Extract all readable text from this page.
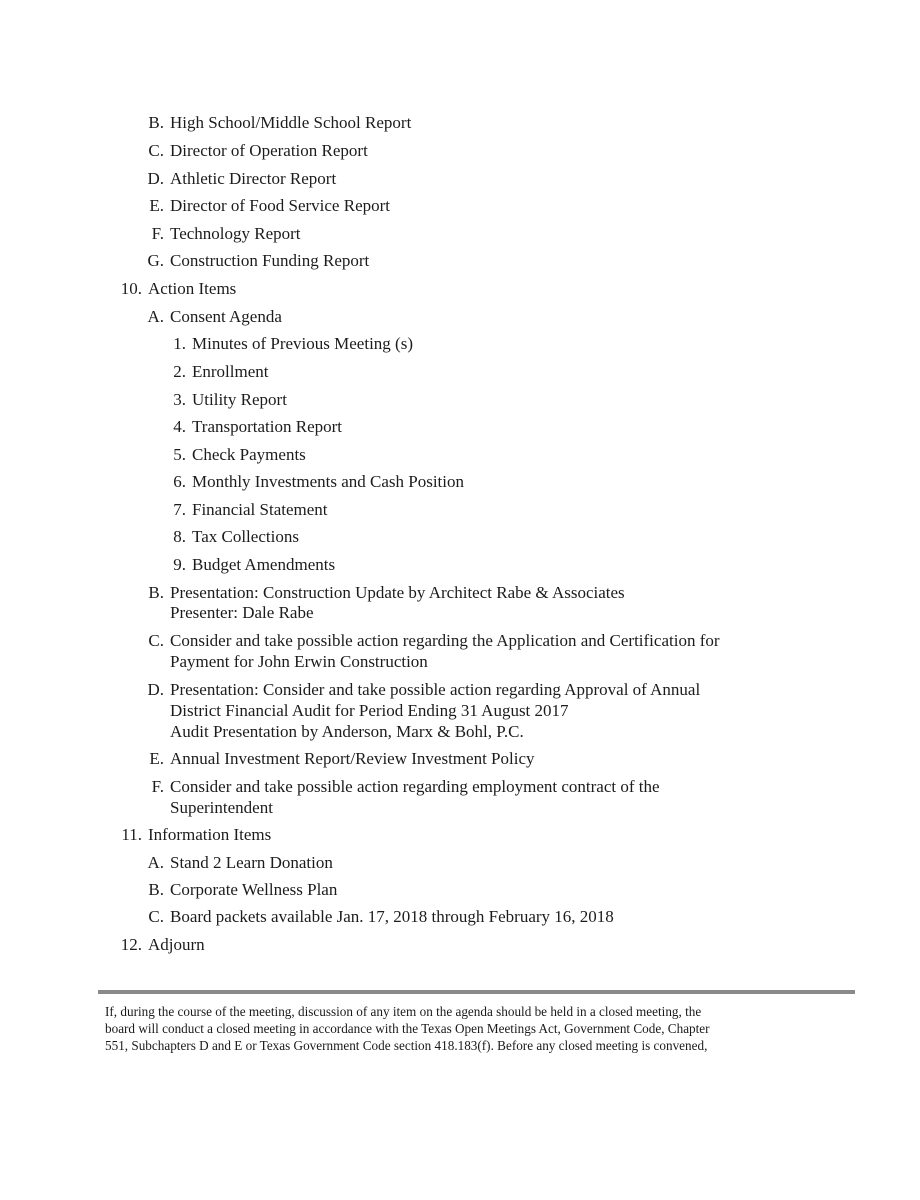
B. High School/Middle School Report
C. Director of Operation Report
D. Athletic Director Report
E. Director of Food Service Report
F. Technology Report
G. Construction Funding Report
10. Action Items
A. Consent Agenda
1. Minutes of Previous Meeting (s)
2. Enrollment
3. Utility Report
4. Transportation Report
5. Check Payments
6. Monthly Investments and Cash Position
7. Financial Statement
8. Tax Collections
9. Budget Amendments
B. Presentation: Construction Update by Architect Rabe & Associates
Presenter: Dale Rabe
C. Consider and take possible action regarding the Application and Certification for
Payment for John Erwin Construction
D. Presentation: Consider and take possible action regarding Approval of Annual
District Financial Audit for Period Ending 31 August 2017
Audit Presentation by Anderson, Marx & Bohl, P.C.
E. Annual Investment Report/Review Investment Policy
F. Consider and take possible action regarding employment contract of the
Superintendent
11. Information Items
A. Stand 2 Learn Donation
B. Corporate Wellness Plan
C. Board packets available Jan. 17, 2018 through February 16, 2018
12. Adjourn
If, during the course of the meeting, discussion of any item on the agenda should be held in a closed meeting, the
board will conduct a closed meeting in accordance with the Texas Open Meetings Act, Government Code, Chapter
551, Subchapters D and E or Texas Government Code section 418.183(f). Before any closed meeting is convened,
